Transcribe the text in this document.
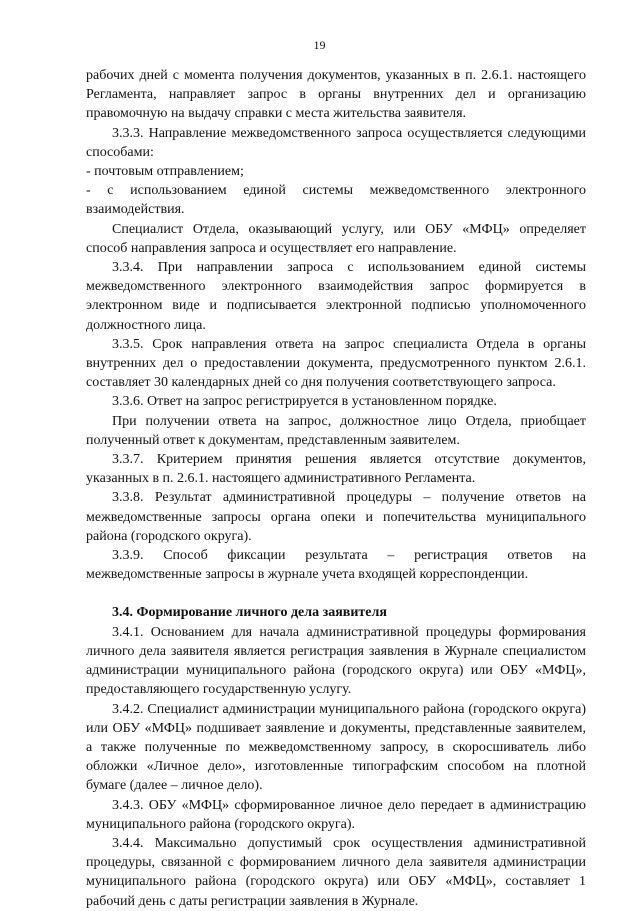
19

рабочих дней с момента получения документов, указанных в п. 2.6.1. настоящего Регламента, направляет запрос в органы внутренних дел и организацию правомочную на выдачу справки с места жительства заявителя.

3.3.3. Направление межведомственного запроса осуществляется следующими способами:

- почтовым отправлением;

- с использованием единой системы межведомственного электронного взаимодействия.

Специалист Отдела, оказывающий услугу, или ОБУ «МФЦ» определяет способ направления запроса и осуществляет его направление.

3.3.4. При направлении запроса с использованием единой системы межведомственного электронного взаимодействия запрос формируется в электронном виде и подписывается электронной подписью уполномоченного должностного лица.

3.3.5. Срок направления ответа на запрос специалиста Отдела в органы внутренних дел о предоставлении документа, предусмотренного пунктом 2.6.1. составляет 30 календарных дней со дня получения соответствующего запроса.

3.3.6. Ответ на запрос регистрируется в установленном порядке.

При получении ответа на запрос, должностное лицо Отдела, приобщает полученный ответ к документам, представленным заявителем.

3.3.7. Критерием принятия решения является отсутствие документов, указанных в п. 2.6.1. настоящего административного Регламента.

3.3.8. Результат административной процедуры – получение ответов на межведомственные запросы органа опеки и попечительства муниципального района (городского округа).

3.3.9. Способ фиксации результата – регистрация ответов на межведомственные запросы в журнале учета входящей корреспонденции.

3.4. Формирование личного дела заявителя

3.4.1. Основанием для начала административной процедуры формирования личного дела заявителя является регистрация заявления в Журнале специалистом администрации муниципального района (городского округа) или ОБУ «МФЦ», предоставляющего государственную услугу.

3.4.2. Специалист администрации муниципального района (городского округа) или ОБУ «МФЦ» подшивает заявление и документы, представленные заявителем, а также полученные по межведомственному запросу, в скоросшиватель либо обложки «Личное дело», изготовленные типографским способом на плотной бумаге (далее – личное дело).

3.4.3. ОБУ «МФЦ» сформированное личное дело передает в администрацию муниципального района (городского округа).

3.4.4. Максимально допустимый срок осуществления административной процедуры, связанной с формированием личного дела заявителя администрации муниципального района (городского округа) или ОБУ «МФЦ», составляет 1 рабочий день с даты регистрации заявления в Журнале.
